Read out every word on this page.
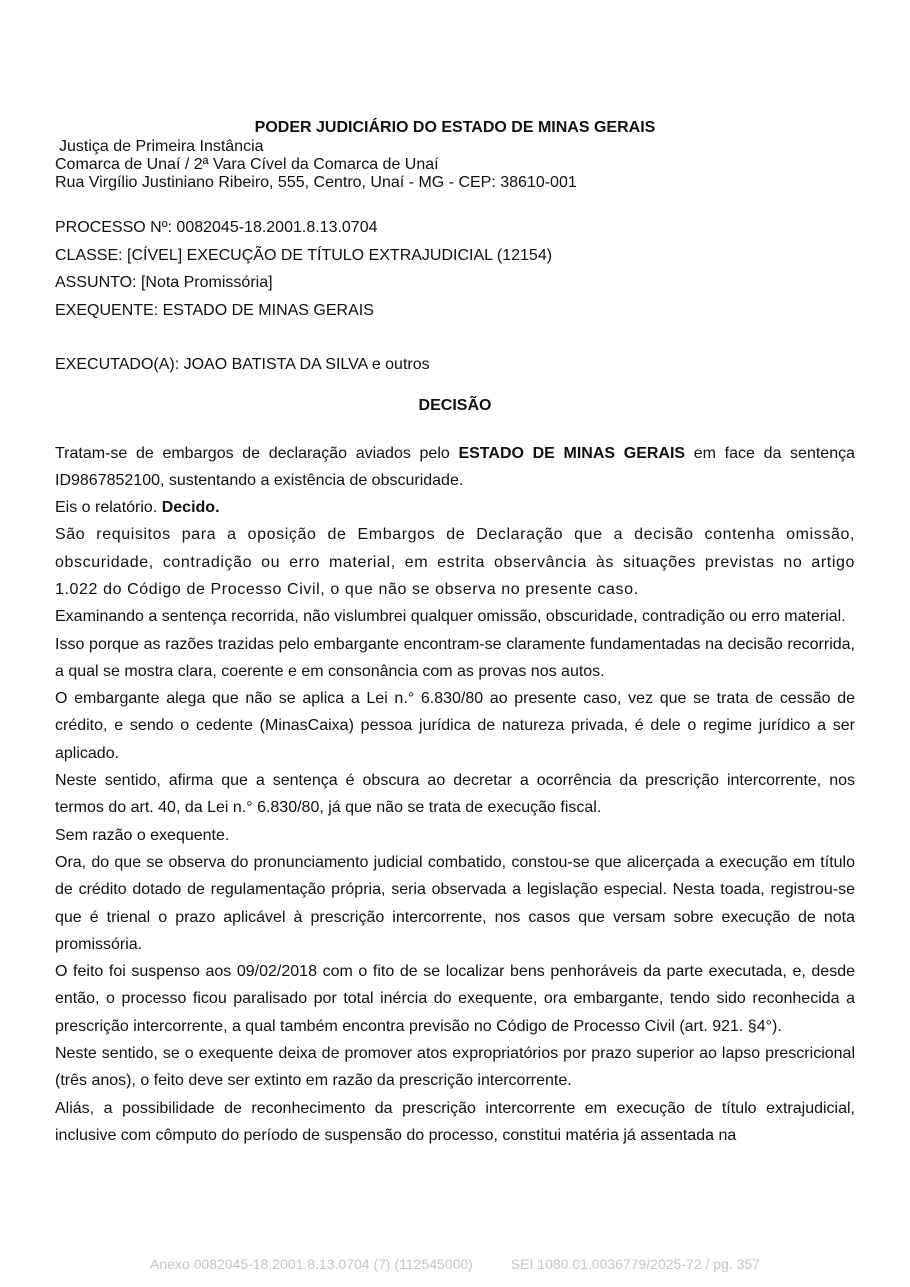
PODER JUDICIÁRIO DO ESTADO DE MINAS GERAIS
Justiça de Primeira Instância
Comarca de Unaí / 2ª Vara Cível da Comarca de Unaí
Rua Virgílio Justiniano Ribeiro, 555, Centro, Unaí - MG - CEP: 38610-001
PROCESSO Nº: 0082045-18.2001.8.13.0704
CLASSE: [CÍVEL] EXECUÇÃO DE TÍTULO EXTRAJUDICIAL (12154)
ASSUNTO: [Nota Promissória]
EXEQUENTE: ESTADO DE MINAS GERAIS
EXECUTADO(A): JOAO BATISTA DA SILVA e outros
DECISÃO

Tratam-se de embargos de declaração aviados pelo ESTADO DE MINAS GERAIS em face da sentença ID9867852100, sustentando a existência de obscuridade.

Eis o relatório. Decido.

São requisitos para a oposição de Embargos de Declaração que a decisão contenha omissão, obscuridade, contradição ou erro material, em estrita observância às situações previstas no artigo 1.022 do Código de Processo Civil, o que não se observa no presente caso.

Examinando a sentença recorrida, não vislumbrei qualquer omissão, obscuridade, contradição ou erro material.

Isso porque as razões trazidas pelo embargante encontram-se claramente fundamentadas na decisão recorrida, a qual se mostra clara, coerente e em consonância com as provas nos autos.

O embargante alega que não se aplica a Lei n.° 6.830/80 ao presente caso, vez que se trata de cessão de crédito, e sendo o cedente (MinasCaixa) pessoa jurídica de natureza privada, é dele o regime jurídico a ser aplicado.

Neste sentido, afirma que a sentença é obscura ao decretar a ocorrência da prescrição intercorrente, nos termos do art. 40, da Lei n.° 6.830/80, já que não se trata de execução fiscal.

Sem razão o exequente.

Ora, do que se observa do pronunciamento judicial combatido, constou-se que alicerçada a execução em título de crédito dotado de regulamentação própria, seria observada a legislação especial. Nesta toada, registrou-se que é trienal o prazo aplicável à prescrição intercorrente, nos casos que versam sobre execução de nota promissória.

O feito foi suspenso aos 09/02/2018 com o fito de se localizar bens penhoráveis da parte executada, e, desde então, o processo ficou paralisado por total inércia do exequente, ora embargante, tendo sido reconhecida a prescrição intercorrente, a qual também encontra previsão no Código de Processo Civil (art. 921. §4°).

Neste sentido, se o exequente deixa de promover atos expropriatórios por prazo superior ao lapso prescricional (três anos), o feito deve ser extinto em razão da prescrição intercorrente.

Aliás, a possibilidade de reconhecimento da prescrição intercorrente em execução de título extrajudicial, inclusive com cômputo do período de suspensão do processo, constitui matéria já assentada na

Anexo 0082045-18.2001.8.13.0704 (7) (112545000)	SEI 1080.01.0036779/2025-72 / pg. 357
